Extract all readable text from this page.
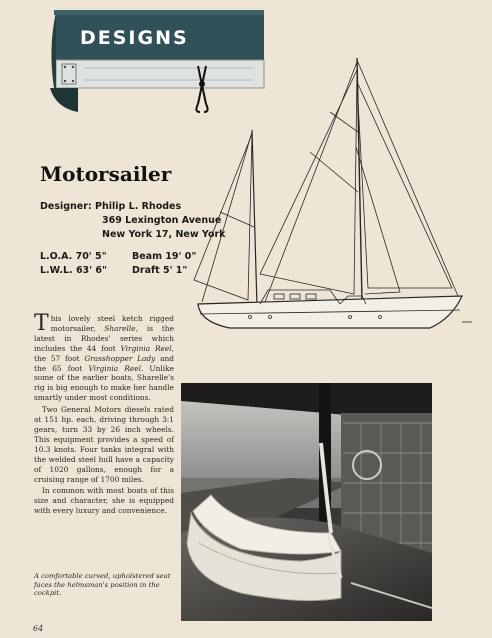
DESIGNS
Motorsailer
Designer: Philip L. Rhodes
369 Lexington Avenue
New York 17, New York
L.O.A. 70' 5"	Beam 19' 0"
L.W.L. 63' 6"	Draft 5' 1"

This lovely steel ketch rigged motorsailer, Sharelle, is the latest in Rhodes' series which includes the 44 foot Virginia Reel, the 57 foot Grasshopper Lady and the 65 foot Virginia Reel. Unlike some of the earlier boats, Sharelle's rig is big enough to make her handle smartly under most conditions.

Two General Motors diesels rated at 151 hp. each, driving through 3:1 gears, turn 33 by 26 inch wheels. This equipment provides a speed of 10.3 knots. Four tanks integral with the welded steel hull have a capacity of 1020 gallons, enough for a cruising range of 1700 miles.

In common with most boats of this size and character, she is equipped with every luxury and convenience.

A comfortable curved, upholstered seat faces the helmsman's position in the cockpit.
64
